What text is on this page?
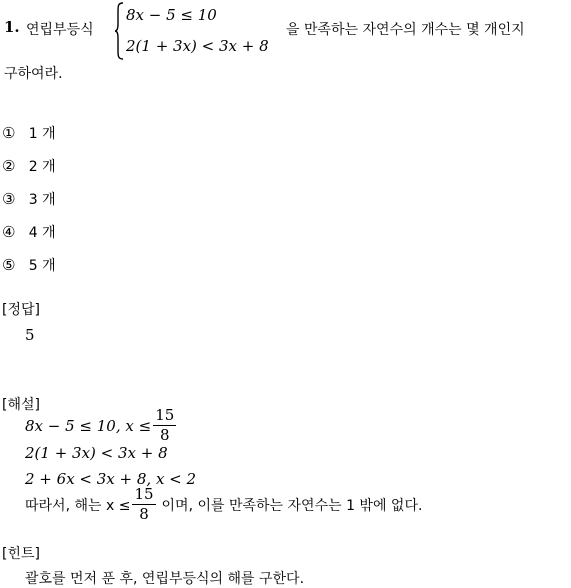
1. 연립부등식
8x − 5 ≤ 10
2(1 + 3x) < 3x + 8
을 만족하는 자연수의 개수는 몇 개인지
구하여라.
① 1 개
② 2 개
③ 3 개
④ 4 개
⑤ 5 개
[정답]
5
[해설]
8x − 5 ≤ 10, $x \le \frac{15}{8}$
2(1 + 3x) < 3x + 8
2 + 6x < 3x + 8, x < 2
따라서, 해는 $x \le \frac{15}{8}$ 이며, 이를 만족하는 자연수는 1 밖에 없다.
[힌트]
괄호를 먼저 푼 후, 연립부등식의 해를 구한다.
